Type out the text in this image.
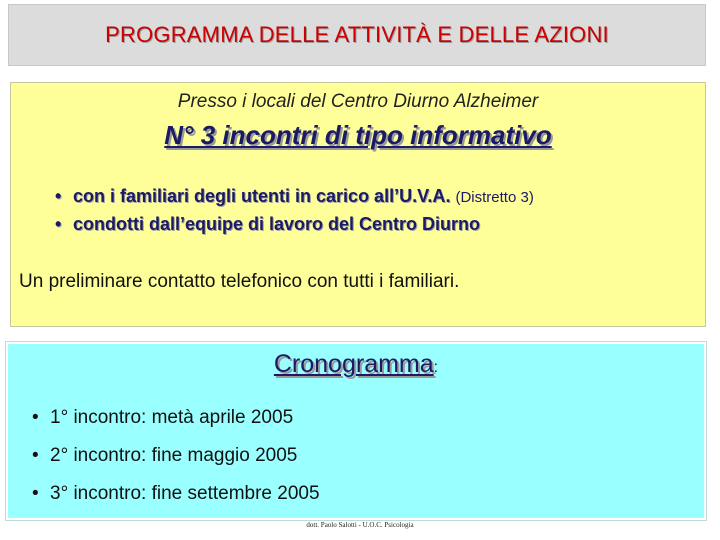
PROGRAMMA DELLE ATTIVITÀ E DELLE AZIONI
Presso i locali del Centro Diurno Alzheimer
N° 3 incontri di tipo informativo
• con i familiari degli utenti in carico all’U.V.A. (Distretto 3)
• condotti dall’equipe di lavoro del Centro Diurno
Un preliminare contatto telefonico con tutti i familiari.
Cronogramma:
• 1° incontro: metà aprile 2005
• 2° incontro: fine maggio 2005
• 3° incontro: fine settembre 2005
dott. Paolo Salotti - U.O.C. Psicologia
